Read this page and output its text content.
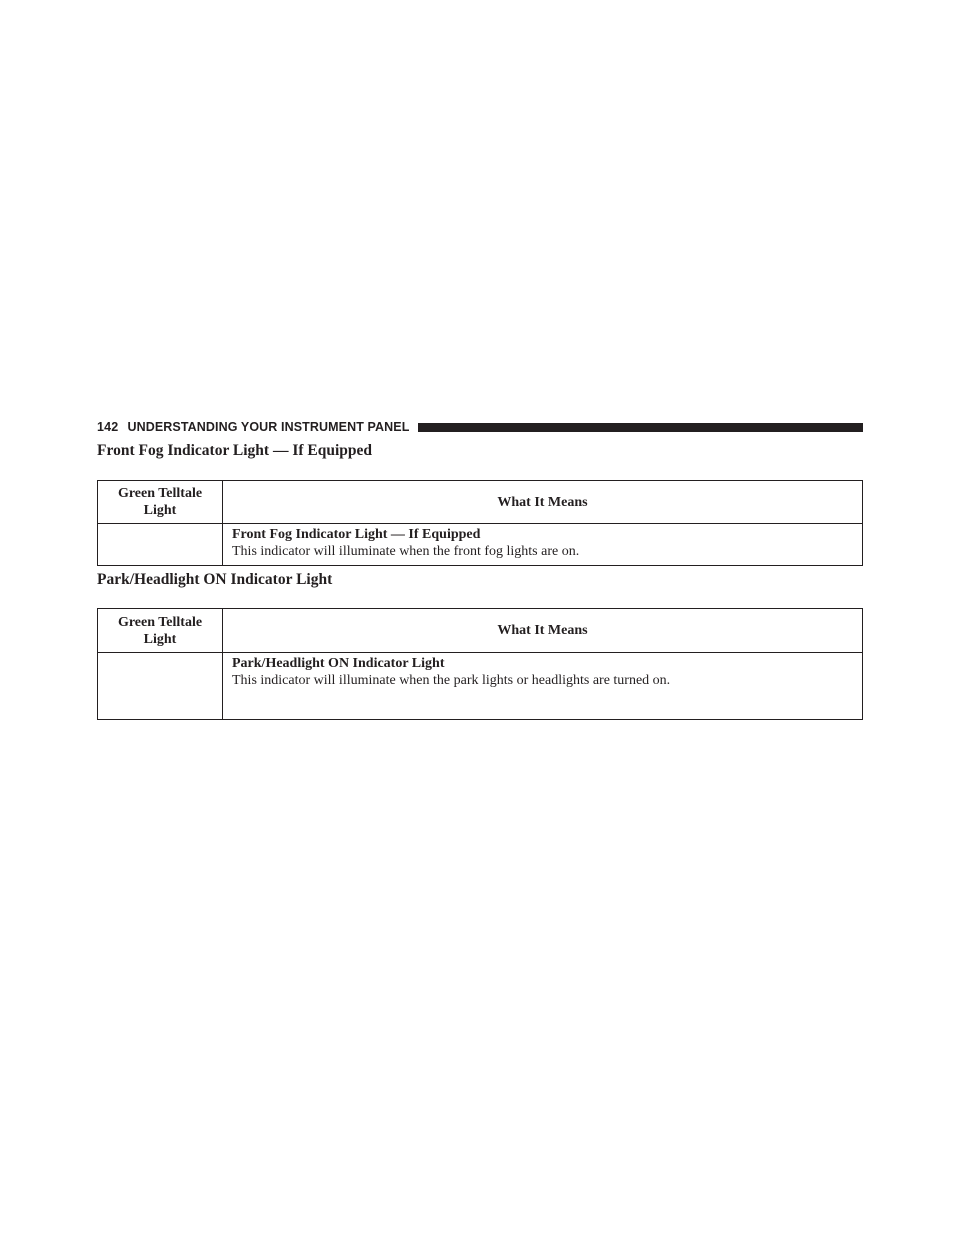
142 UNDERSTANDING YOUR INSTRUMENT PANEL
Front Fog Indicator Light — If Equipped
Green Telltale
Light	What It Means

	Front Fog Indicator Light — If Equipped
This indicator will illuminate when the front fog lights are on.
Park/Headlight ON Indicator Light
Green Telltale
Light	What It Means

	Park/Headlight ON Indicator Light
This indicator will illuminate when the park lights or headlights are turned on.
